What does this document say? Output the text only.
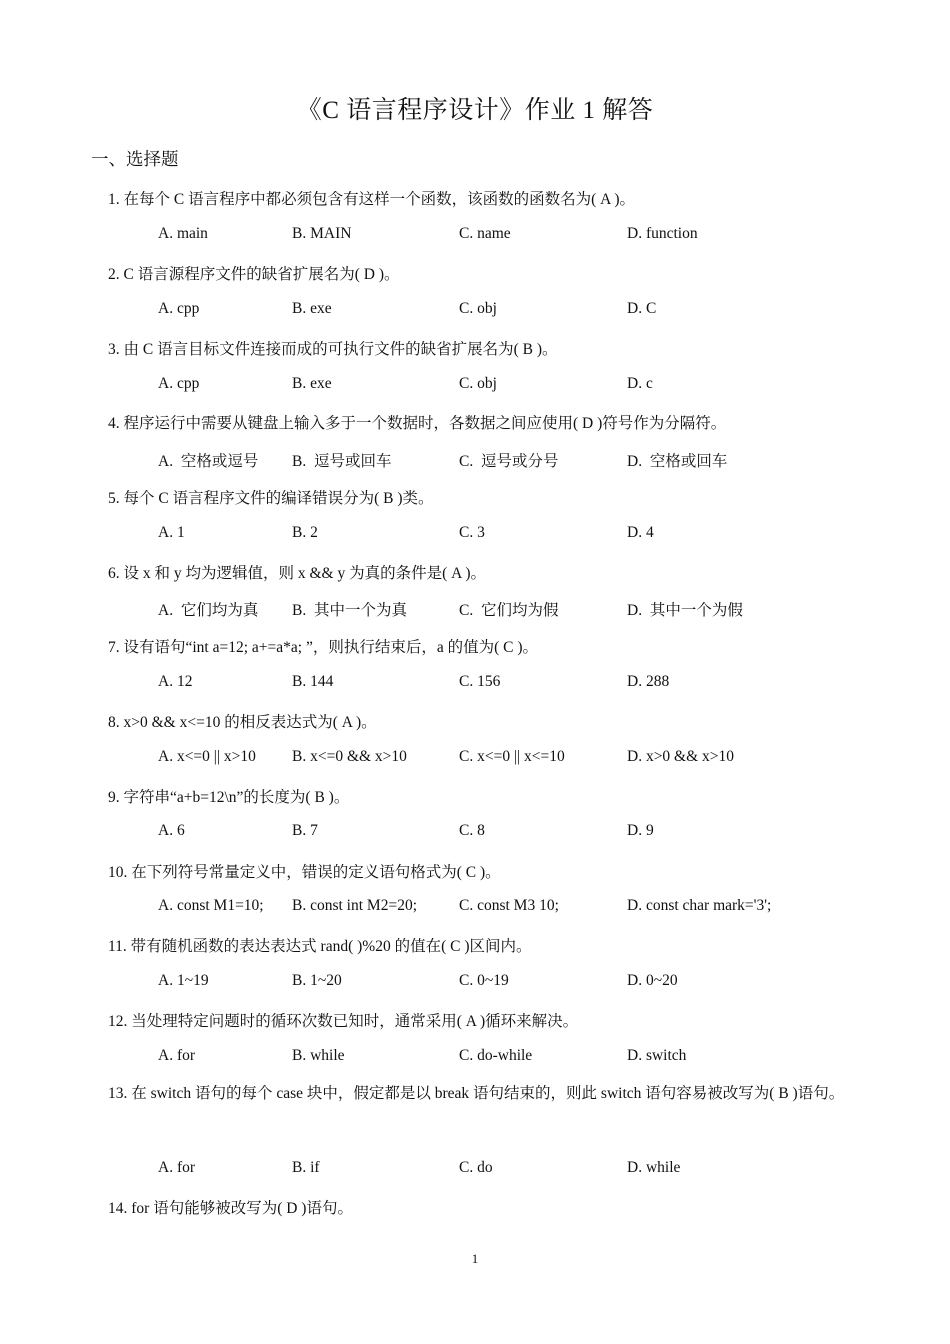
《C 语言程序设计》作业 1 解答
一、选择题
1. 在每个 C 语言程序中都必须包含有这样一个函数，该函数的函数名为( A )。
A. main	B. MAIN	C. name	D. function
2. C 语言源程序文件的缺省扩展名为( D )。
A. cpp	B. exe	C. obj	D. C
3. 由 C 语言目标文件连接而成的可执行文件的缺省扩展名为( B )。
A. cpp	B. exe	C. obj	D. c
4. 程序运行中需要从键盘上输入多于一个数据时，各数据之间应使用( D )符号作为分隔符。
A.  空格或逗号 B.  逗号或回车	C.  逗号或分号	D.  空格或回车
5. 每个 C 语言程序文件的编译错误分为( B )类。
A. 1	B. 2	C. 3	D. 4
6. 设 x 和 y 均为逻辑值，则 x && y 为真的条件是( A )。
A.  它们均为真 B.  其中一个为真	C.  它们均为假	D.  其中一个为假
7. 设有语句“int a=12; a+=a*a; ”，则执行结束后，a 的值为( C )。
A. 12	B. 144	C. 156	D. 288
8. x>0 && x<=10 的相反表达式为( A )。
A. x<=0 || x>10 B. x<=0 && x>10	C. x<=0 || x<=10	D. x>0 && x>10
9. 字符串“a+b=12\n”的长度为( B )。
A. 6	B. 7	C. 8	D. 9
10. 在下列符号常量定义中，错误的定义语句格式为( C )。
A. const M1=10; B. const int M2=20;	C. const M3 10;	D. const char mark='3';
11. 带有随机函数的表达表达式 rand( )%20 的值在( C )区间内。
A. 1~19	B. 1~20	C. 0~19	D. 0~20
12. 当处理特定问题时的循环次数已知时，通常采用( A )循环来解决。
A. for	B. while	C. do-while	D. switch
13. 在 switch 语句的每个 case 块中，假定都是以 break 语句结束的，则此 switch 语句容易被改写为( B )语句。
A. for	B. if	C. do	D. while
14. for 语句能够被改写为( D )语句。
1
